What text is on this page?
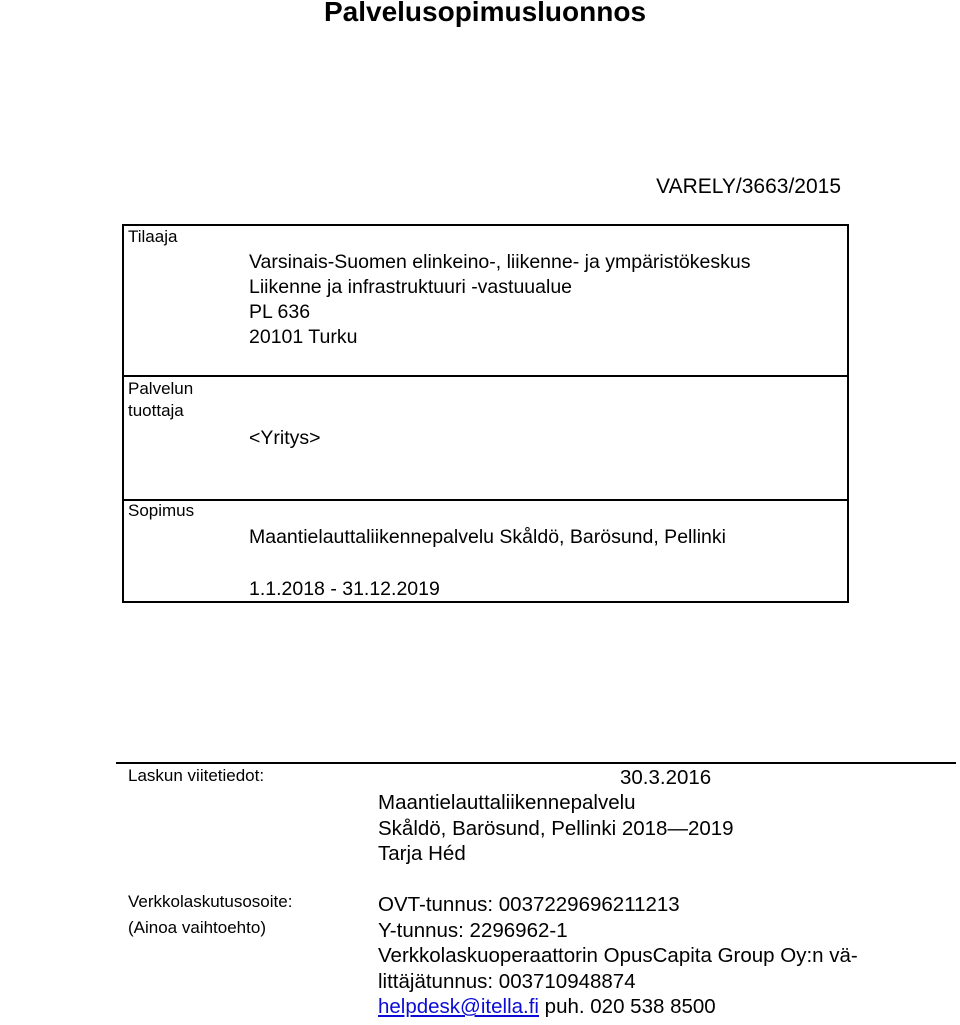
Palvelusopimusluonnos
VARELY/3663/2015
Tilaaja
Varsinais-Suomen elinkeino-, liikenne- ja ympäristökeskus
Liikenne ja infrastruktuuri -vastuualue
PL 636
20101 Turku
Palvelun
tuottaja
<Yritys>
Sopimus
Maantielauttaliikennepalvelu Skåldö, Barösund, Pellinki
1.1.2018 - 31.12.2019
Laskun viitetiedot:	30.3.2016
Maantielauttaliikennepalvelu
Skåldö, Barösund, Pellinki 2018—2019
Tarja Héd
Verkkolaskutusosoite:
(Ainoa vaihtoehto)
OVT-tunnus: 0037229696211213
Y-tunnus: 2296962-1
Verkkolaskuoperaattorin OpusCapita Group Oy:n vä-
littäjätunnus: 003710948874
helpdesk@itella.fi puh. 020 538 8500
